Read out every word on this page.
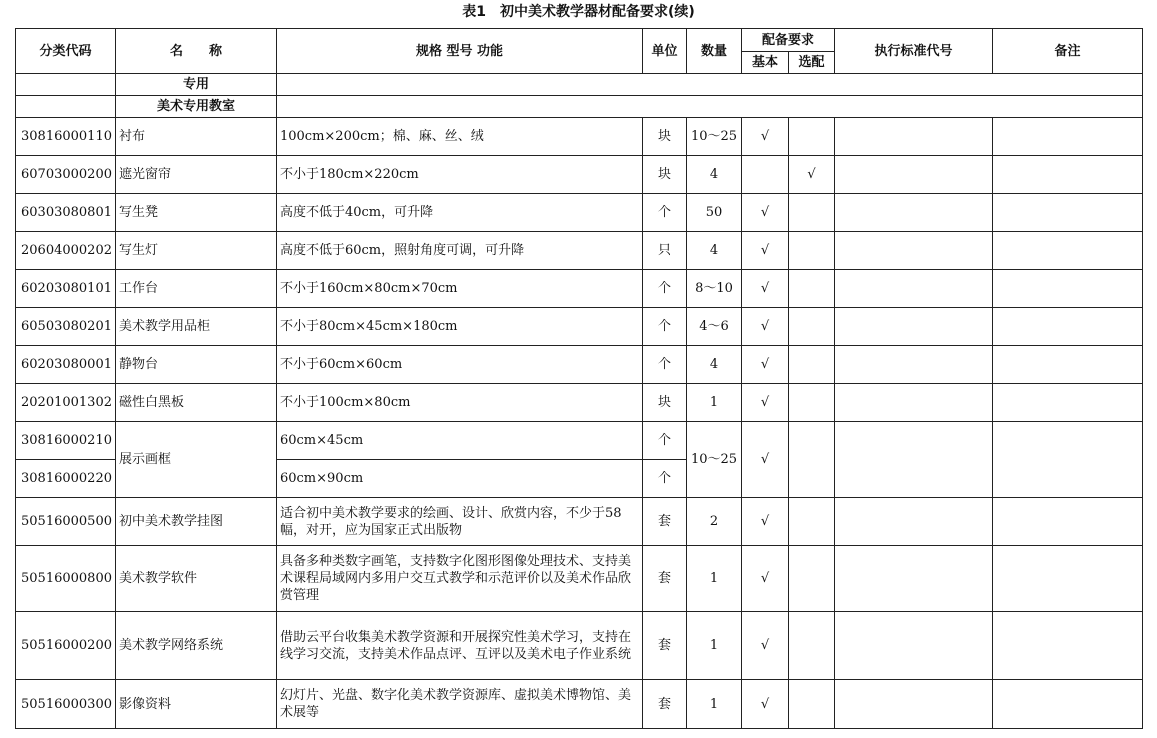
表1　初中美术教学器材配备要求(续)
分类代码	名　　称	规格 型号 功能	单位	数量	配备要求		执行标准代号	备注
					基本	选配		
	专用							
	美术专用教室							
30816000110	衬布	100cm×200cm；棉、麻、丝、绒	块	10～25	√			
60703000200	遮光窗帘	不小于180cm×220cm	块	4		√		
60303080801	写生凳	高度不低于40cm，可升降	个	50	√			
20604000202	写生灯	高度不低于60cm，照射角度可调，可升降	只	4	√			
60203080101	工作台	不小于160cm×80cm×70cm	个	8～10	√			
60503080201	美术教学用品柜	不小于80cm×45cm×180cm	个	4～6	√			
60203080001	静物台	不小于60cm×60cm	个	4	√			
20201001302	磁性白黑板	不小于100cm×80cm	块	1	√			
30816000210	展示画框	60cm×45cm	个	10～25	√			
30816000220		60cm×90cm	个					
50516000500	初中美术教学挂图	适合初中美术教学要求的绘画、设计、欣赏内容，不少于58幅，对开，应为国家正式出版物	套	2	√			
50516000800	美术教学软件	具备多种类数字画笔，支持数字化图形图像处理技术、支持美术课程局域网内多用户交互式教学和示范评价以及美术作品欣赏管理	套	1	√			
50516000200	美术教学网络系统	借助云平台收集美术教学资源和开展探究性美术学习，支持在线学习交流，支持美术作品点评、互评以及美术电子作业系统	套	1	√			
50516000300	影像资料	幻灯片、光盘、数字化美术教学资源库、虚拟美术博物馆、美术展等	套	1	√			
